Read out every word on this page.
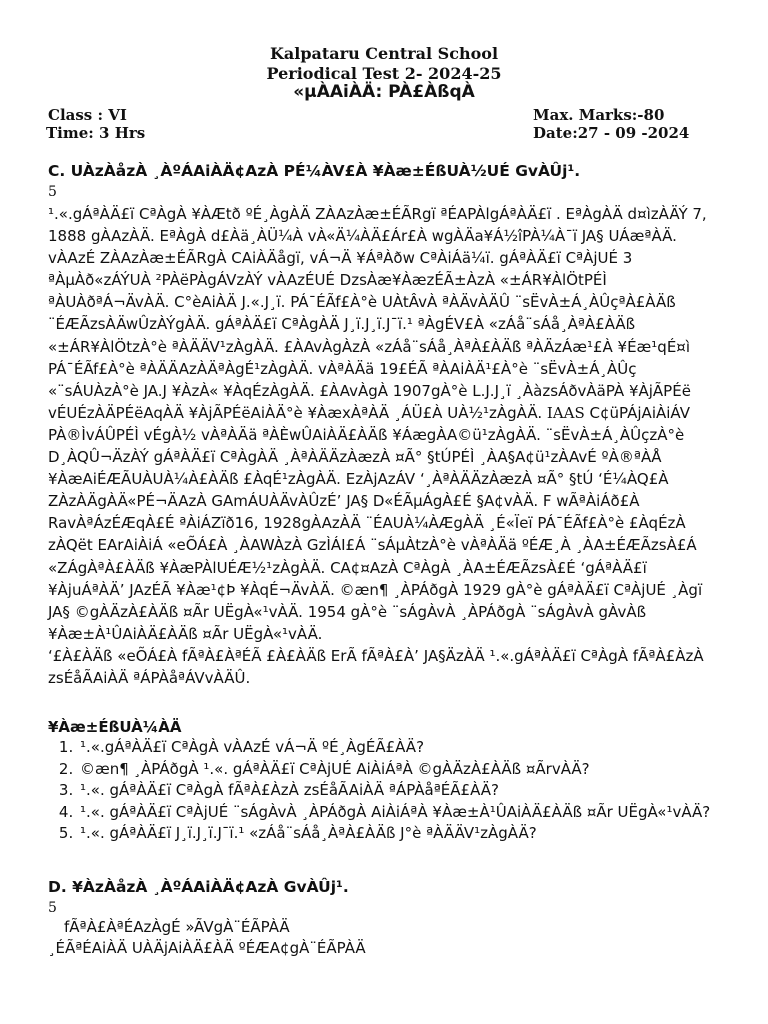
Kalpataru Central School
Periodical Test 2- 2024-25
«µÀAiÀÄ: PÀ£ÀßqÀ
Class : VI
Time: 3 Hrs
Max. Marks:-80
Date:27 - 09 -2024
C. UÀzÀåzÀ ¸ÀºÁAiÀÄ¢AzÀ PÉ¼ÀV£À ¥Àæ±ÉßUÀ½UÉ GvÀÛj¹.
5

¹.«.gÁªÀÄ£ï CªÀgÀ ¥ÀÆtð ºÉ¸ÀgÀÄ ZÀAzÀæ±ÉÃRgï ªÉAPÀlgÁªÀÄ£ï . EªÀgÀÄ d¤ìzÀÄÝ 7, 1888 gÀAzÀÄ. EªÀgÀ d£Àä¸ÀÜ¼À vÀ«Ä¼ÀÄ£Ár£À wgÀÄa¥Á½îPÀ¼À¯ï JA§ UÁæªÀÄ. vÀAzÉ ZÀAzÀæ±ÉÃRgÀ CAiÀÄågï, vÁ¬Ä ¥ÁªÀðw CªÀiÁä¼ï. gÁªÀÄ£ï CªÀjUÉ 3 ªÀµÀð«zÁÝUÀ ²PÀëPÀgÁVzÀÝ vÀAzÉUÉ DzsÀæ¥ÀæzÉÃ±ÀzÀ «±ÁR¥ÀlÖtPÉÌ ªÀUÀðªÁ¬ÄvÀÄ. C°èAiÀÄ J.«.J¸ï. PÁ¯ÉÃf£À°è UÀtÂvÀ ªÀÄvÀÄÛ ¨sËvÀ±Á¸ÀÛçªÀ£ÀÄß ¨ÉÆÃzsÀÄwÛzÀÝgÀÄ. gÁªÀÄ£ï CªÀgÀÄ J¸ï.J¸ï.J¯ï.¹ ªÀgÉV£À «zÁå¨sÁå¸ÀªÀ£ÀÄß «±ÁR¥ÀlÖtzÀ°è ªÀÄÄV¹zÀgÀÄ. £ÀAvÀgÀzÀ «zÁå¨sÁå¸ÀªÀ£ÀÄß ªÀÄzÁæ¹£À ¥Éæ¹qÉ¤ì PÁ¯ÉÃf£À°è ªÀÄÄAzÀÄªÀgÉ¹zÀgÀÄ. vÀªÀÄä 19£ÉÃ ªÀAiÀÄ¹£À°è ¨sËvÀ±Á¸ÀÛç «¨sÁUÀzÀ°è JA.J ¥ÀzÀ« ¥ÀqÉzÀgÀÄ. £ÀAvÀgÀ 1907gÀ°è L.J.J¸ï ¸ÀàzsÁðvÀäPÀ ¥ÀjÃPÉë vÉUÉzÀÄPÉëAqÀÄ ¥ÀjÃPÉëAiÀÄ°è ¥ÀæxÀªÀÄ ¸ÁÜ£À UÀ½¹zÀgÀÄ. IAAS C¢üPÁjAiÀiÁV PÀ®ÌvÁÛPÉÌ vÉgÀ½ vÀªÀÄä ªÀÈwÛAiÀÄ£ÀÄß ¥ÁægÀA©ü¹zÀgÀÄ. ¨sËvÀ±Á¸ÀÛçzÀ°è D¸ÀQÛ¬ÄzÀÝ gÁªÀÄ£ï CªÀgÀÄ ¸ÀªÀÄÄzÀæzÀ ¤Ã° §tÚPÉÌ ¸ÀA§A¢ü¹zÀAvÉ ºÀ®ªÀÅ ¥ÀæAiÉÆÃUÀUÀ¼À£ÀÄß £ÀqÉ¹zÀgÀÄ. EzÀjAzÁV ‘¸ÀªÀÄÄzÀæzÀ ¤Ã° §tÚ ‘É¼ÀQ£À ZÀzÀÄgÀÄ«PÉ¬ÄAzÀ GAmÁUÀÄvÀÛzÉ’ JA§ D«ÉÃµÁgÀ£É §A¢vÀÄ. F wÃªÀiÁð£À RavÀªÁzÉÆqÀ£É ªÀiÁZïð16, 1928gÀAzÀÄ ¨ÉAUÀ¼ÀÆgÀÄ ¸É«Ïeï PÁ¯ÉÃf£À°è £ÀqÉzÀ zÀQët EArAiÀiÁ «eÕÁ£À ¸ÀAWÀzÀ GzÌÁI£Á ¨sÁµÀtzÀ°è vÀªÀÄä ºÉÆ¸À ¸ÀA±ÉÆÃzsÀ£Á «ZÁgÀªÀ£ÀÄß ¥ÀæPÀlUÉÆ½¹zÀgÀÄ. CA¢¤AzÀ CªÀgÀ ¸ÀA±ÉÆÃzsÀ£É ‘gÁªÀÄ£ï ¥ÀjuÁªÀÄ’ JAzÉÃ ¥Àæ¹¢Þ ¥ÀqÉ¬ÄvÀÄ. ©æn¶ ¸ÀPÁðgÀ 1929 gÀ°è gÁªÀÄ£ï CªÀjUÉ ¸Àgï JA§ ©gÀÄzÀ£ÀÄß ¤Ãr UËgÀ«¹vÀÄ. 1954 gÀ°è ¨sÁgÀvÀ ¸ÀPÁðgÀ ¨sÁgÀvÀ gÀvÀß ¥Àæ±À¹ÛAiÀÄ£ÀÄß ¤Ãr UËgÀ«¹vÀÄ.
‘£À£ÀÄß «eÕÁ£À fÃªÀ£ÀªÉÃ £À£ÀÄß ErÃ fÃªÀ£À’ JA§ÄzÀÄ ¹.«.gÁªÀÄ£ï CªÀgÀ fÃªÀ£ÀzÀ zsÉåÃAiÀÄ ªÁPÀåªÁVvÀÄÛ.

¥Àæ±ÉßUÀ¼ÀÄ
1. ¹.«.gÁªÀÄ£ï CªÀgÀ vÀAzÉ vÁ¬Ä ºÉ¸ÀgÉÃ£ÀÄ?
2. ©æn¶ ¸ÀPÁðgÀ ¹.«. gÁªÀÄ£ï CªÀjUÉ AiÀiÁªÀ ©gÀÄzÀ£ÀÄß ¤ÃrvÀÄ?
3. ¹.«. gÁªÀÄ£ï CªÀgÀ fÃªÀ£ÀzÀ zsÉåÃAiÀÄ ªÁPÀåªÉÃ£ÀÄ?
4. ¹.«. gÁªÀÄ£ï CªÀjUÉ ¨sÁgÀvÀ ¸ÀPÁðgÀ AiÀiÁªÀ ¥Àæ±À¹ÛAiÀÄ£ÀÄß ¤Ãr UËgÀ«¹vÀÄ?
5. ¹.«. gÁªÀÄ£ï J¸ï.J¸ï.J¯ï.¹ «zÁå¨sÁå¸ÀªÀ£ÀÄß J°è ªÀÄÄV¹zÀgÀÄ?
D. ¥ÀzÀåzÀ ¸ÀºÁAiÀÄ¢AzÀ GvÀÛj¹.
5
fÃªÀ£ÀªÉAzÀgÉ »ÃVgÀ¨ÉÃPÀÄ
¸ÉÃªÉAiÀÄ UÀÄjAiÀÄ£ÀÄ ºÉÆA¢gÀ¨ÉÃPÀÄ
